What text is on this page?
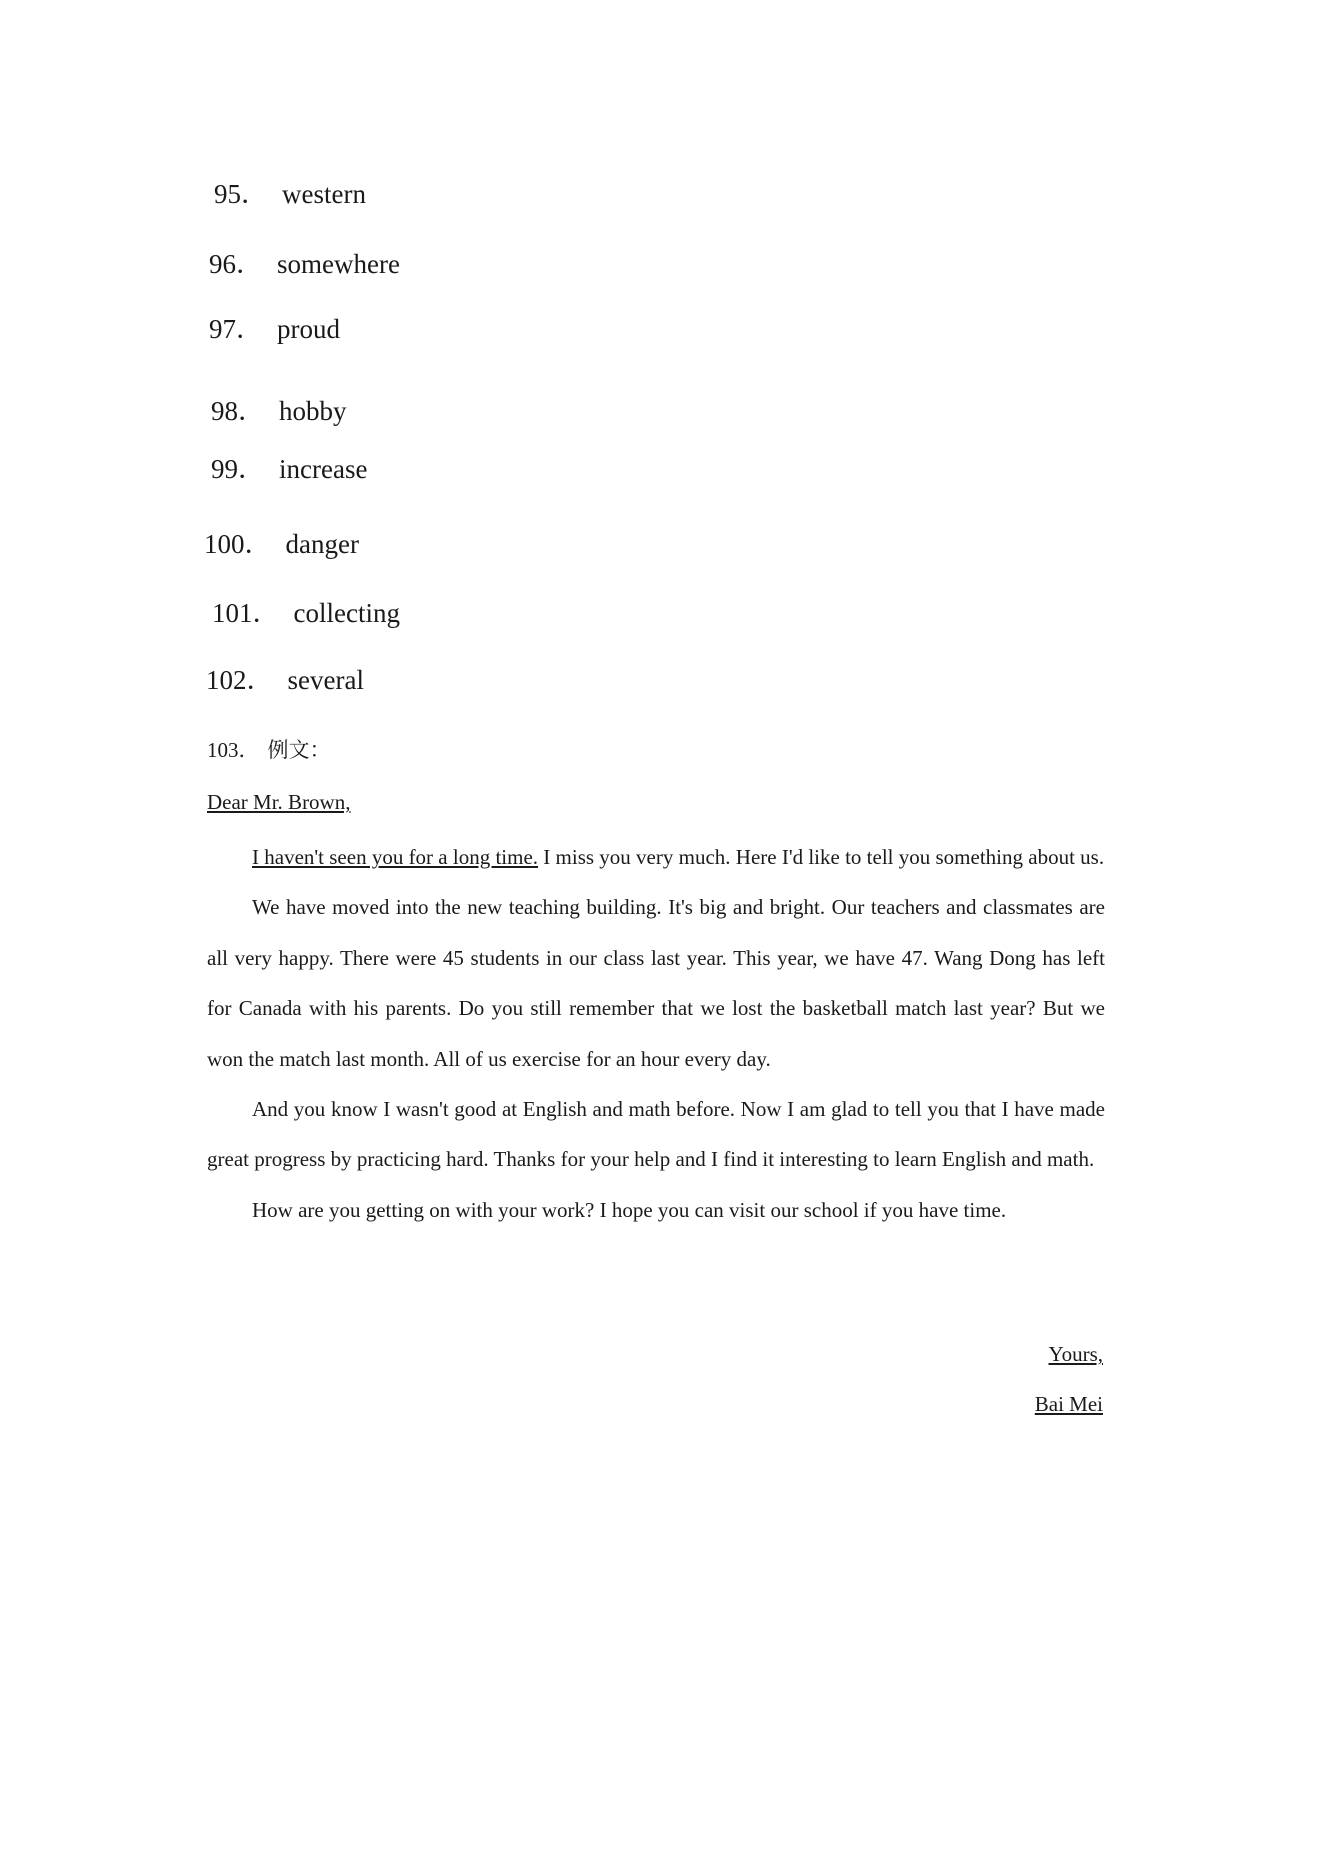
95． western
96． somewhere
97． proud
98． hobby
99． increase
100． danger
101． collecting
102． several
103． 例文：
Dear Mr. Brown,

I haven't seen you for a long time. I miss you very much. Here I'd like to tell you something about us.

We have moved into the new teaching building. It's big and bright. Our teachers and classmates are all very happy. There were 45 students in our class last year. This year, we have 47. Wang Dong has left for Canada with his parents. Do you still remember that we lost the basketball match last year? But we won the match last month. All of us exercise for an hour every day.

And you know I wasn't good at English and math before. Now I am glad to tell you that I have made great progress by practicing hard. Thanks for your help and I find it interesting to learn English and math.

How are you getting on with your work? I hope you can visit our school if you have time.

Yours,
Bai Mei
